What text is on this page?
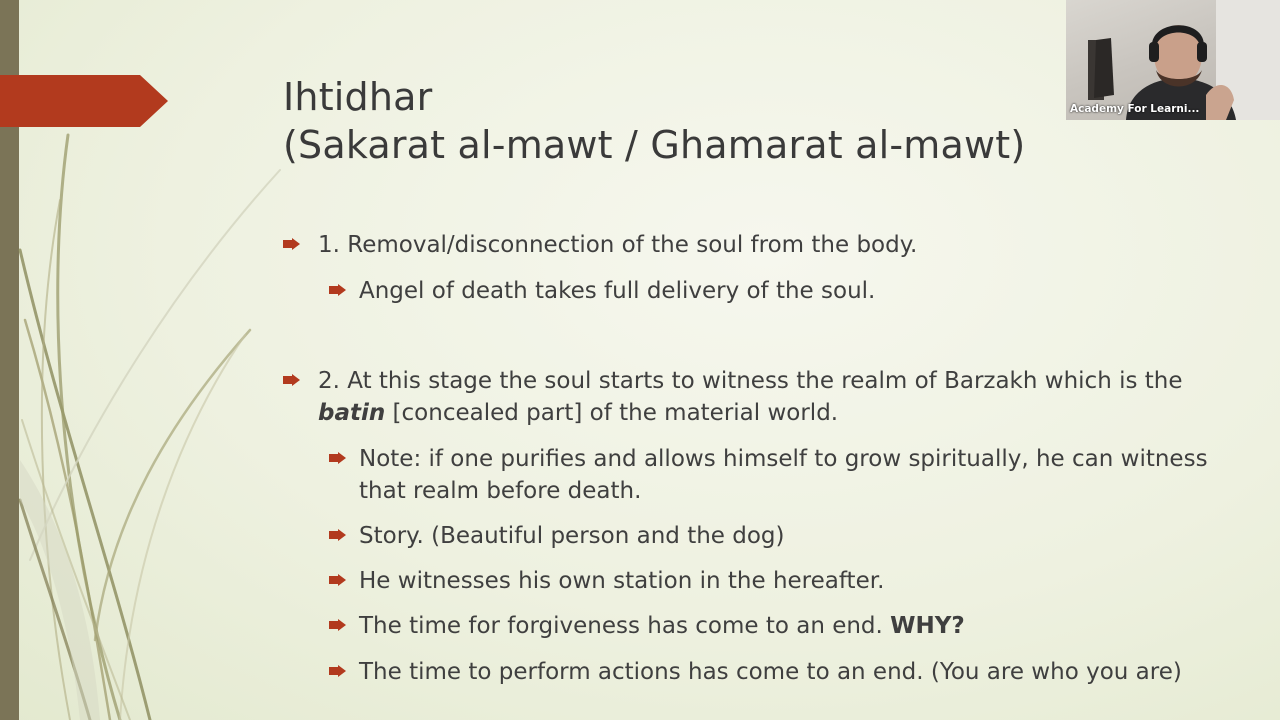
Ihtidhar
(Sakarat al-mawt / Ghamarat al-mawt)
1. Removal/disconnection of the soul from the body.
Angel of death takes full delivery of the soul.
2. At this stage the soul starts to witness the realm of Barzakh which is the batin [concealed part] of the material world.
Note: if one purifies and allows himself to grow spiritually, he can witness that realm before death.
Story. (Beautiful person and the dog)
He witnesses his own station in the hereafter.
The time for forgiveness has come to an end. WHY?
The time to perform actions has come to an end. (You are who you are)
Academy For Learni...
